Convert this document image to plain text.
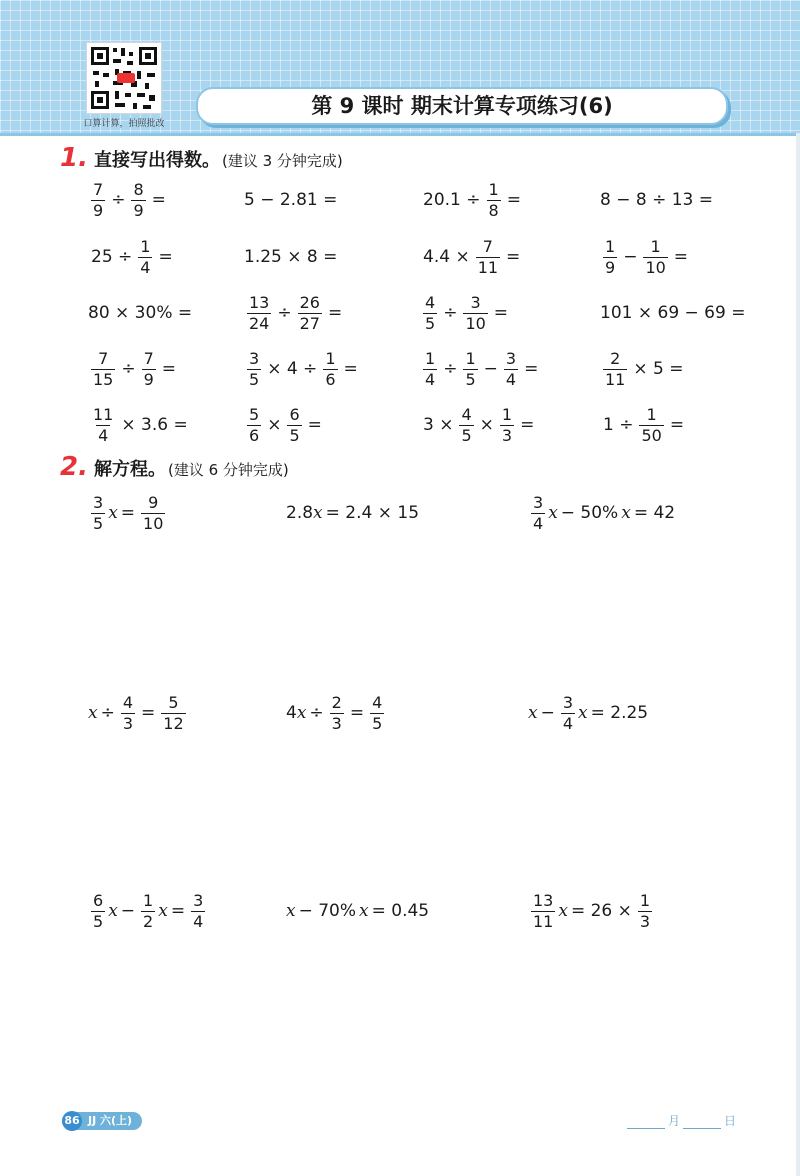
口算计算，拍照批改
第 9 课时 期末计算专项练习(6)
1. 直接写出得数。 (建议 3 分钟完成)
$\frac{7}{9} \div \frac{8}{9}$ =	5 − 2.81 =	$20.1 \div \frac{1}{8}$ =	8 − 8 ÷ 13 =
$25 \div \frac{1}{4}$ =	1.25 × 8 =	$4.4 \times \frac{7}{11}$ =	$\frac{1}{9} - \frac{1}{10}$ =
80 × 30% =	$\frac{13}{24} \div \frac{26}{27}$ =	$\frac{4}{5} \div \frac{3}{10}$ =	101 × 69 − 69 =
$\frac{7}{15} \div \frac{7}{9}$ =	$\frac{3}{5} \times 4 \div \frac{1}{6}$ =	$\frac{1}{4} \div \frac{1}{5} - \frac{3}{4}$ =	$\frac{2}{11} \times 5$ =
$\frac{11}{4} \times 3.6$ =	$\frac{5}{6} \times \frac{6}{5}$ =	$3 \times \frac{4}{5} \times \frac{1}{3}$ =	$1 \div \frac{1}{50}$ =
2. 解方程。 (建议 6 分钟完成)
$\frac{3}{5}$ $x = \frac{9}{10}$	2.8 x = 2.4 × 15	$\frac{3}{4}$ x − 50% x = 42
$x \div \frac{4}{3} = \frac{5}{12}$	4 $x \div \frac{2}{3} = \frac{4}{5}$	$x - \frac{3}{4}$ x = 2.25
$\frac{6}{5}$ $x - \frac{1}{2}$ $x = \frac{3}{4}$	x − 70% x = 0.45	$\frac{13}{11}$ $x = 26 \times \frac{1}{3}$
86 JJ 六(上)	月	日
